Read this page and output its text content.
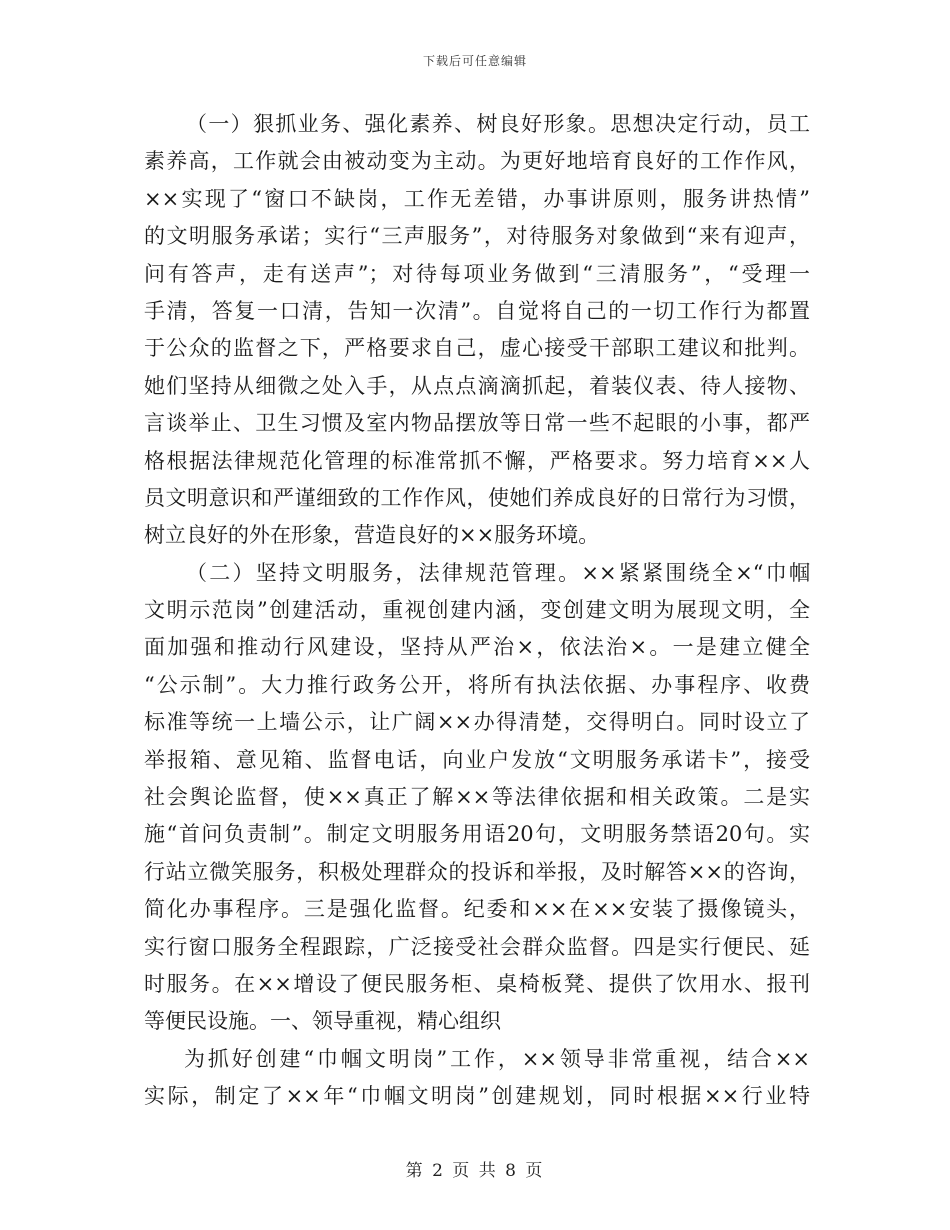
下载后可任意编辑
（一）狠抓业务、强化素养、树良好形象。思想决定行动，员工
素养高，工作就会由被动变为主动。为更好地培育良好的工作作风，
××实现了“窗口不缺岗，工作无差错，办事讲原则，服务讲热情”
的文明服务承诺；实行“三声服务”，对待服务对象做到“来有迎声，
问有答声，走有送声”；对待每项业务做到“三清服务”，“受理一
手清，答复一口清，告知一次清”。自觉将自己的一切工作行为都置
于公众的监督之下，严格要求自己，虚心接受干部职工建议和批判。
她们坚持从细微之处入手，从点点滴滴抓起，着装仪表、待人接物、
言谈举止、卫生习惯及室内物品摆放等日常一些不起眼的小事，都严
格根据法律规范化管理的标准常抓不懈，严格要求。努力培育××人
员文明意识和严谨细致的工作作风，使她们养成良好的日常行为习惯，
树立良好的外在形象，营造良好的××服务环境。
（二）坚持文明服务，法律规范管理。××紧紧围绕全×“巾帼
文明示范岗”创建活动，重视创建内涵，变创建文明为展现文明，全
面加强和推动行风建设，坚持从严治×，依法治×。一是建立健全
“公示制”。大力推行政务公开，将所有执法依据、办事程序、收费
标准等统一上墙公示，让广阔××办得清楚，交得明白。同时设立了
举报箱、意见箱、监督电话，向业户发放“文明服务承诺卡”，接受
社会舆论监督，使××真正了解××等法律依据和相关政策。二是实
施“首问负责制”。制定文明服务用语20句，文明服务禁语20句。实
行站立微笑服务，积极处理群众的投诉和举报，及时解答××的咨询，
简化办事程序。三是强化监督。纪委和××在××安装了摄像镜头，
实行窗口服务全程跟踪，广泛接受社会群众监督。四是实行便民、延
时服务。在××增设了便民服务柜、桌椅板凳、提供了饮用水、报刊
等便民设施。一、领导重视，精心组织
为抓好创建“巾帼文明岗”工作，××领导非常重视，结合××
实际，制定了××年“巾帼文明岗”创建规划，同时根据××行业特
第 2 页 共 8 页
